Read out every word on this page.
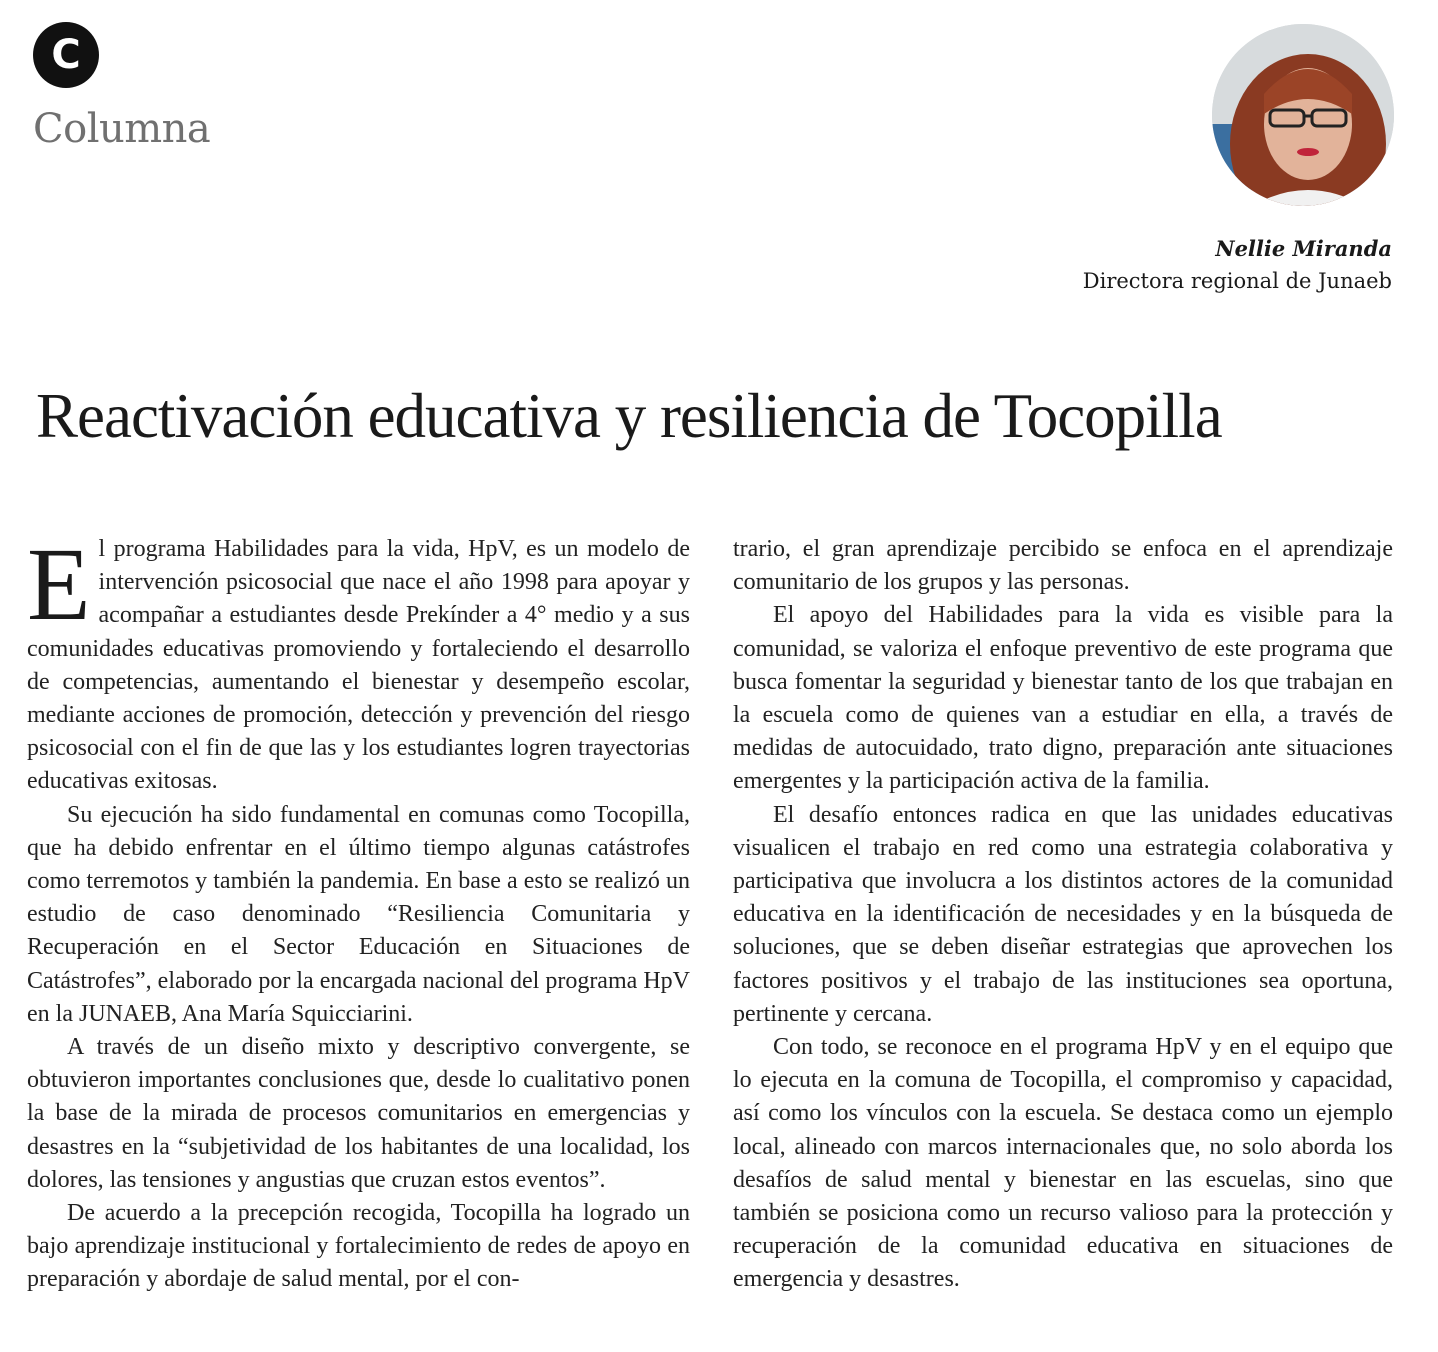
C
Columna
Nellie Miranda
Directora regional de Junaeb
Reactivación educativa y resiliencia de Tocopilla

El programa Habilidades para la vida, HpV, es un modelo de intervención psicosocial que nace el año 1998 para apoyar y acompañar a estudiantes desde Prekínder a 4° medio y a sus comunidades educativas promoviendo y fortaleciendo el desarrollo de competencias, aumentando el bienestar y desempeño escolar, mediante acciones de promoción, detección y prevención del riesgo psicosocial con el fin de que las y los estudiantes logren trayectorias educativas exitosas.

Su ejecución ha sido fundamental en comunas como Tocopilla, que ha debido enfrentar en el último tiempo algunas catástrofes como terremotos y también la pandemia. En base a esto se realizó un estudio de caso denominado “Resiliencia Comunitaria y Recuperación en el Sector Educación en Situaciones de Catástrofes”, elaborado por la encargada nacional del programa HpV en la JUNAEB, Ana María Squicciarini.

A través de un diseño mixto y descriptivo convergente, se obtuvieron importantes conclusiones que, desde lo cualitativo ponen la base de la mirada de procesos comunitarios en emergencias y desastres en la “subjetividad de los habitantes de una localidad, los dolores, las tensiones y angustias que cruzan estos eventos”.

De acuerdo a la precepción recogida, Tocopilla ha logrado un bajo aprendizaje institucional y fortalecimiento de redes de apoyo en preparación y abordaje de salud mental, por el con-

trario, el gran aprendizaje percibido se enfoca en el aprendizaje comunitario de los grupos y las personas.

El apoyo del Habilidades para la vida es visible para la comunidad, se valoriza el enfoque preventivo de este programa que busca fomentar la seguridad y bienestar tanto de los que trabajan en la escuela como de quienes van a estudiar en ella, a través de medidas de autocuidado, trato digno, preparación ante situaciones emergentes y la participación activa de la familia.

El desafío entonces radica en que las unidades educativas visualicen el trabajo en red como una estrategia colaborativa y participativa que involucra a los distintos actores de la comunidad educativa en la identificación de necesidades y en la búsqueda de soluciones, que se deben diseñar estrategias que aprovechen los factores positivos y el trabajo de las instituciones sea oportuna, pertinente y cercana.

Con todo, se reconoce en el programa HpV y en el equipo que lo ejecuta en la comuna de Tocopilla, el compromiso y capacidad, así como los vínculos con la escuela. Se destaca como un ejemplo local, alineado con marcos internacionales que, no solo aborda los desafíos de salud mental y bienestar en las escuelas, sino que también se posiciona como un recurso valioso para la protección y recuperación de la comunidad educativa en situaciones de emergencia y desastres.
